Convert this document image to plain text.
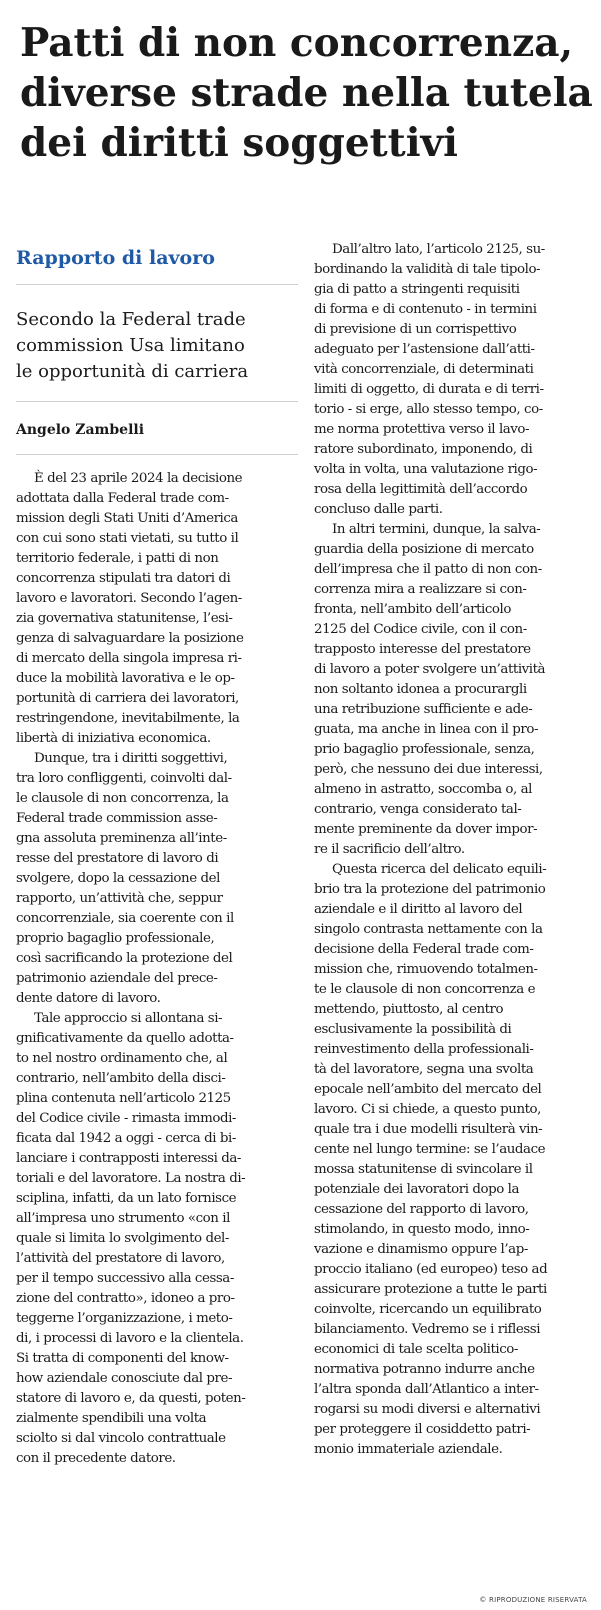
Patti di non concorrenza,
diverse strade nella tutela
dei diritti soggettivi
Rapporto di lavoro
Secondo la Federal trade
commission Usa limitano
le opportunità di carriera
Angelo Zambelli
È del 23 aprile 2024 la decisione
adottata dalla Federal trade com-
mission degli Stati Uniti d’America
con cui sono stati vietati, su tutto il
territorio federale, i patti di non
concorrenza stipulati tra datori di
lavoro e lavoratori. Secondo l’agen-
zia governativa statunitense, l’esi-
genza di salvaguardare la posizione
di mercato della singola impresa ri-
duce la mobilità lavorativa e le op-
portunità di carriera dei lavoratori,
restringendone, inevitabilmente, la
libertà di iniziativa economica.
Dunque, tra i diritti soggettivi,
tra loro confliggenti, coinvolti dal-
le clausole di non concorrenza, la
Federal trade commission asse-
gna assoluta preminenza all’inte-
resse del prestatore di lavoro di
svolgere, dopo la cessazione del
rapporto, un’attività che, seppur
concorrenziale, sia coerente con il
proprio bagaglio professionale,
così sacrificando la protezione del
patrimonio aziendale del prece-
dente datore di lavoro.
Tale approccio si allontana si-
gnificativamente da quello adotta-
to nel nostro ordinamento che, al
contrario, nell’ambito della disci-
plina contenuta nell’articolo 2125
del Codice civile - rimasta immodi-
ficata dal 1942 a oggi - cerca di bi-
lanciare i contrapposti interessi da-
toriali e del lavoratore. La nostra di-
sciplina, infatti, da un lato fornisce
all’impresa uno strumento «con il
quale si limita lo svolgimento del-
l’attività del prestatore di lavoro,
per il tempo successivo alla cessa-
zione del contratto», idoneo a pro-
teggerne l’organizzazione, i meto-
di, i processi di lavoro e la clientela.
Si tratta di componenti del know-
how aziendale conosciute dal pre-
statore di lavoro e, da questi, poten-
zialmente spendibili una volta
sciolto si dal vincolo contrattuale
con il precedente datore.
Dall’altro lato, l’articolo 2125, su-
bordinando la validità di tale tipolo-
gia di patto a stringenti requisiti
di forma e di contenuto - in termini
di previsione di un corrispettivo
adeguato per l’astensione dall’atti-
vità concorrenziale, di determinati
limiti di oggetto, di durata e di terri-
torio - si erge, allo stesso tempo, co-
me norma protettiva verso il lavo-
ratore subordinato, imponendo, di
volta in volta, una valutazione rigo-
rosa della legittimità dell’accordo
concluso dalle parti.
In altri termini, dunque, la salva-
guardia della posizione di mercato
dell’impresa che il patto di non con-
correnza mira a realizzare si con-
fronta, nell’ambito dell’articolo
2125 del Codice civile, con il con-
trapposto interesse del prestatore
di lavoro a poter svolgere un’attività
non soltanto idonea a procurargli
una retribuzione sufficiente e ade-
guata, ma anche in linea con il pro-
prio bagaglio professionale, senza,
però, che nessuno dei due interessi,
almeno in astratto, soccomba o, al
contrario, venga considerato tal-
mente preminente da dover impor-
re il sacrificio dell’altro.
Questa ricerca del delicato equili-
brio tra la protezione del patrimonio
aziendale e il diritto al lavoro del
singolo contrasta nettamente con la
decisione della Federal trade com-
mission che, rimuovendo totalmen-
te le clausole di non concorrenza e
mettendo, piuttosto, al centro
esclusivamente la possibilità di
reinvestimento della professionali-
tà del lavoratore, segna una svolta
epocale nell’ambito del mercato del
lavoro. Ci si chiede, a questo punto,
quale tra i due modelli risulterà vin-
cente nel lungo termine: se l’audace
mossa statunitense di svincolare il
potenziale dei lavoratori dopo la
cessazione del rapporto di lavoro,
stimolando, in questo modo, inno-
vazione e dinamismo oppure l’ap-
proccio italiano (ed europeo) teso ad
assicurare protezione a tutte le parti
coinvolte, ricercando un equilibrato
bilanciamento. Vedremo se i riflessi
economici di tale scelta politico-
normativa potranno indurre anche
l’altra sponda dall’Atlantico a inter-
rogarsi su modi diversi e alternativi
per proteggere il cosiddetto patri-
monio immateriale aziendale.
© RIPRODUZIONE RISERVATA
